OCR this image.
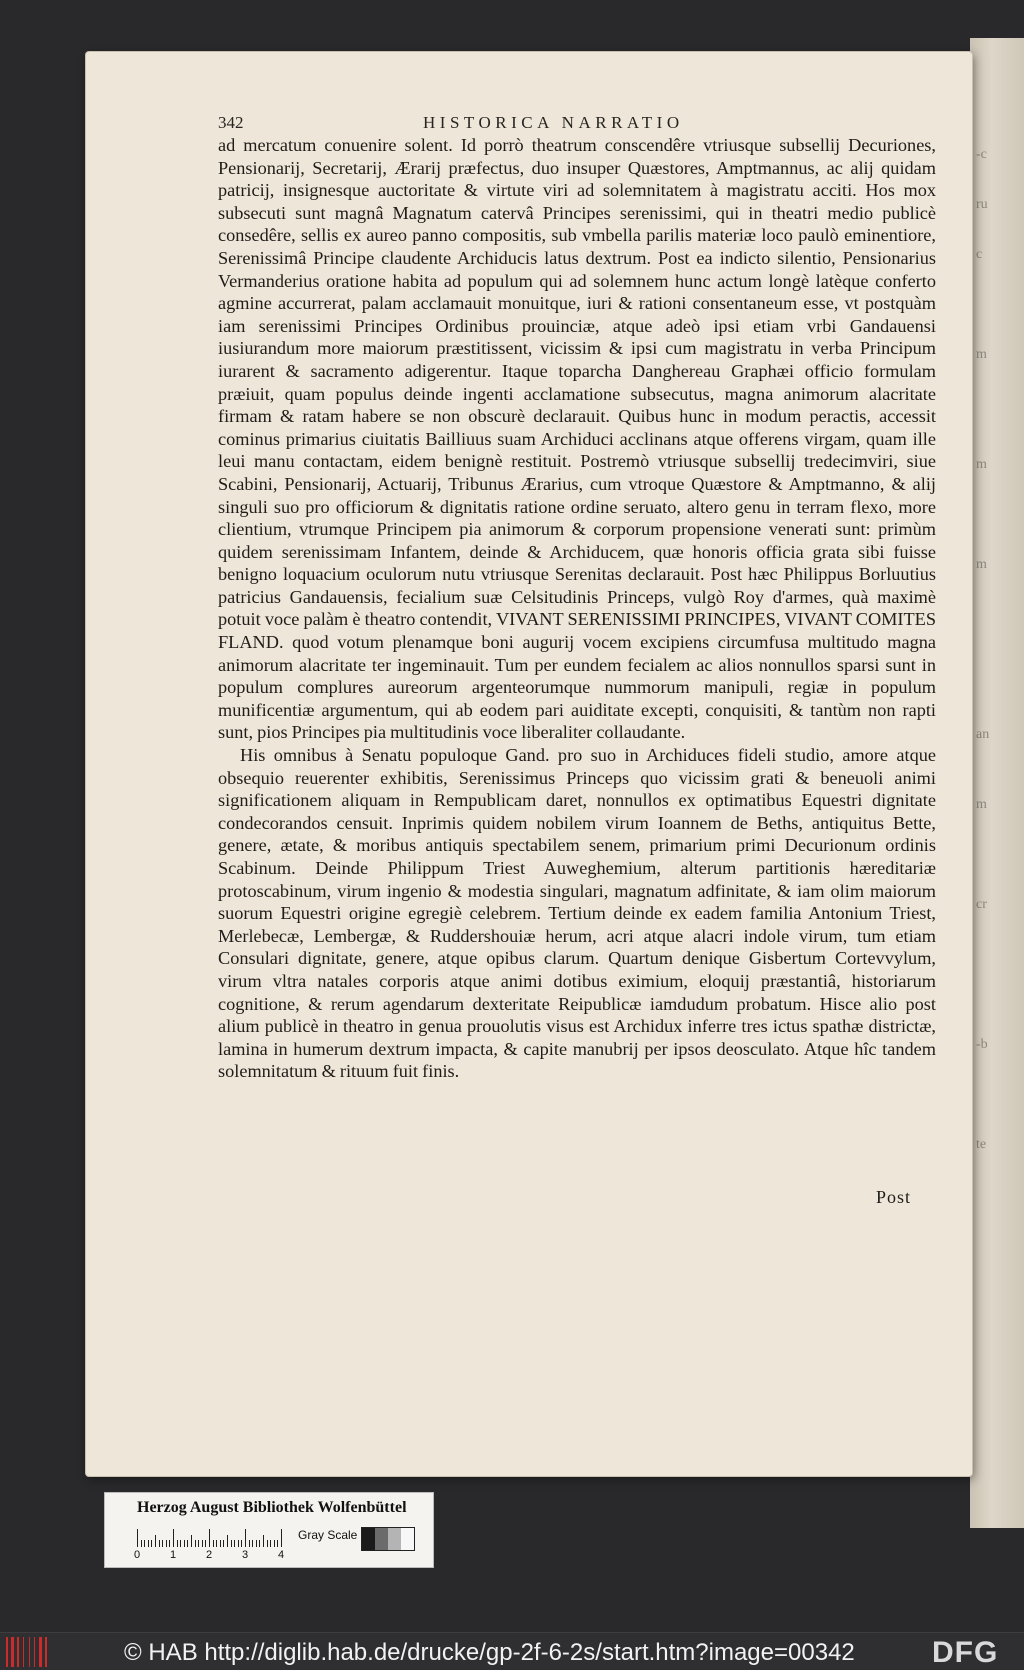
-c
ru
c
m
m
m
an
m
cr
-b
te
342	HISTORICA NARRATIO

ad mercatum conuenire solent. Id porrò theatrum conscendêre vtriusque subsellij Decuriones, Pensionarij, Secretarij, Ærarij præfectus, duo insuper Quæstores, Amptmannus, ac alij quidam patricij, insignesque auctoritate & virtute viri ad solemnitatem à magistratu acciti. Hos mox subsecuti sunt magnâ Magnatum catervâ Principes serenissimi, qui in theatri medio publicè consedêre, sellis ex aureo panno compositis, sub vmbella parilis materiæ loco paulò eminentiore, Serenissimâ Principe claudente Archiducis latus dextrum. Post ea indicto silentio, Pensionarius Vermanderius oratione habita ad populum qui ad solemnem hunc actum longè latèque conferto agmine accurrerat, palam acclamauit monuitque, iuri & rationi consentaneum esse, vt postquàm iam serenissimi Principes Ordinibus prouinciæ, atque adeò ipsi etiam vrbi Gandauensi iusiurandum more maiorum præstitissent, vicissim & ipsi cum magistratu in verba Principum iurarent & sacramento adigerentur. Itaque toparcha Danghereau Graphæi officio formulam præiuit, quam populus deinde ingenti acclamatione subsecutus, magna animorum alacritate firmam & ratam habere se non obscurè declarauit. Quibus hunc in modum peractis, accessit cominus primarius ciuitatis Bailliuus suam Archiduci acclinans atque offerens virgam, quam ille leui manu contactam, eidem benignè restituit. Postremò vtriusque subsellij tredecimviri, siue Scabini, Pensionarij, Actuarij, Tribunus Ærarius, cum vtroque Quæstore & Amptmanno, & alij singuli suo pro officiorum & dignitatis ratione ordine seruato, altero genu in terram flexo, more clientium, vtrumque Principem pia animorum & corporum propensione venerati sunt: primùm quidem serenissimam Infantem, deinde & Archiducem, quæ honoris officia grata sibi fuisse benigno loquacium oculorum nutu vtriusque Serenitas declarauit. Post hæc Philippus Borluutius patricius Gandauensis, fecialium suæ Celsitudinis Princeps, vulgò Roy d'armes, quà maximè potuit voce palàm è theatro contendit, VIVANT SERENISSIMI PRINCIPES, VIVANT COMITES FLAND. quod votum plenamque boni augurij vocem excipiens circumfusa multitudo magna animorum alacritate ter ingeminauit. Tum per eundem fecialem ac alios nonnullos sparsi sunt in populum complures aureorum argenteorumque nummorum manipuli, regiæ in populum munificentiæ argumentum, qui ab eodem pari auiditate excepti, conquisiti, & tantùm non rapti sunt, pios Principes pia multitudinis voce liberaliter collaudante.

His omnibus à Senatu populoque Gand. pro suo in Archiduces fideli studio, amore atque obsequio reuerenter exhibitis, Serenissimus Princeps quo vicissim grati & beneuoli animi significationem aliquam in Rempublicam daret, nonnullos ex optimatibus Equestri dignitate condecorandos censuit. Inprimis quidem nobilem virum Ioannem de Beths, antiquitus Bette, genere, ætate, & moribus antiquis spectabilem senem, primarium primi Decurionum ordinis Scabinum. Deinde Philippum Triest Auweghemium, alterum partitionis hæreditariæ protoscabinum, virum ingenio & modestia singulari, magnatum adfinitate, & iam olim maiorum suorum Equestri origine egregiè celebrem. Tertium deinde ex eadem familia Antonium Triest, Merlebecæ, Lembergæ, & Ruddershouiæ herum, acri atque alacri indole virum, tum etiam Consulari dignitate, genere, atque opibus clarum. Quartum denique Gisbertum Cortevvylum, virum vltra natales corporis atque animi dotibus eximium, eloquij præstantiâ, historiarum cognitione, & rerum agendarum dexteritate Reipublicæ iamdudum probatum. Hisce alio post alium publicè in theatro in genua prouolutis visus est Archidux inferre tres ictus spathæ districtæ, lamina in humerum dextrum impacta, & capite manubrij per ipsos deosculato. Atque hîc tandem solemnitatum & rituum fuit finis.

Post
Herzog August Bibliothek Wolfenbüttel
0	1	2	3	4
Gray Scale
© HAB http://diglib.hab.de/drucke/gp-2f-6-2s/start.htm?image=00342	DFG
